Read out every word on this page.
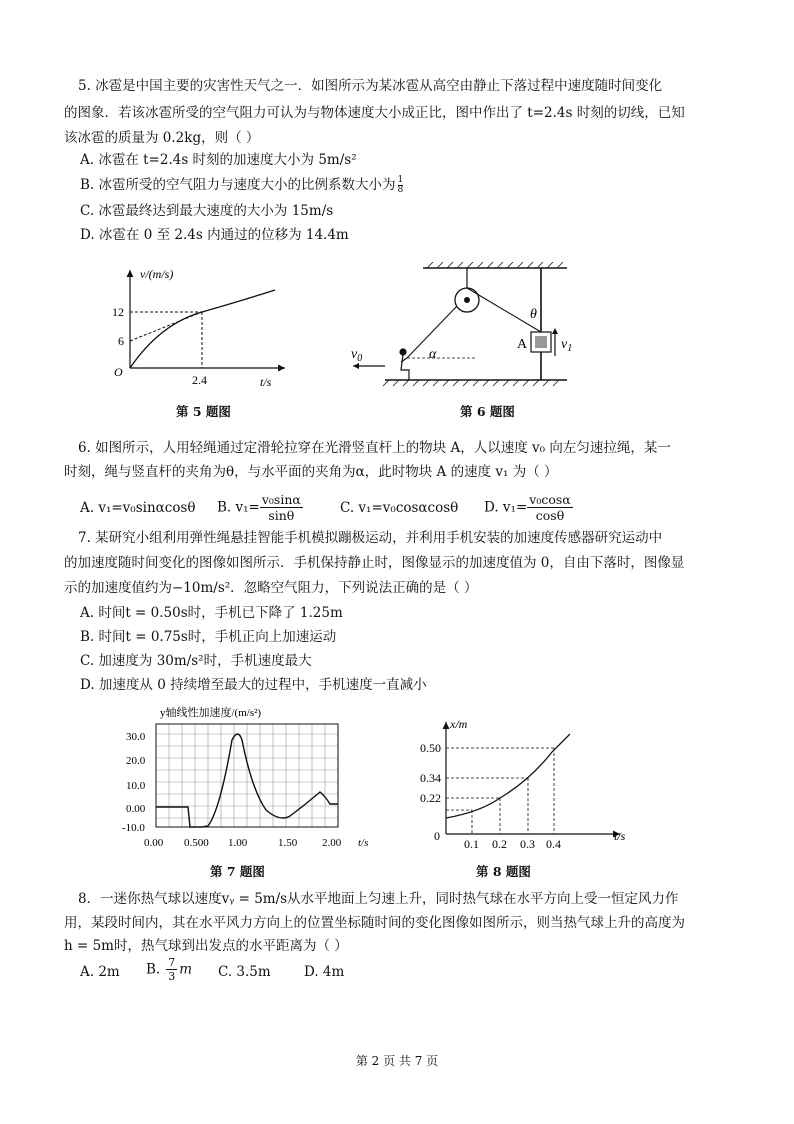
5. 冰雹是中国主要的灾害性天气之一．如图所示为某冰雹从高空由静止下落过程中速度随时间变化
的图象．若该冰雹所受的空气阻力可认为与物体速度大小成正比，图中作出了 t=2.4s 时刻的切线，已知
该冰雹的质量为 0.2kg，则（ ）
A. 冰雹在 t=2.4s 时刻的加速度大小为 5m/s²
B. 冰雹所受的空气阻力与速度大小的比例系数大小为 $\frac{1}{8}$
C. 冰雹最终达到最大速度的大小为 15m/s
D. 冰雹在 0 至 2.4s 内通过的位移为 14.4m
v/(m/s)
t/s
O
12
6
2.4
第 5 题图
$v_0$	α
θ
A $v_1$
第 6 题图
6. 如图所示，人用轻绳通过定滑轮拉穿在光滑竖直杆上的物块 A，人以速度 v₀ 向左匀速拉绳，某一
时刻，绳与竖直杆的夹角为θ，与水平面的夹角为α，此时物块 A 的速度 v₁ 为（ ）
A. v₁=v₀sinαcosθ B. $v_1= \frac{\text{v₀sinα}}{\sin\theta}$	C. v₁=v₀cosαcosθ D. $v_1= \frac{\text{v₀cosα}}{\cos\theta}$
7. 某研究小组利用弹性绳悬挂智能手机模拟蹦极运动，并利用手机安装的加速度传感器研究运动中
的加速度随时间变化的图像如图所示．手机保持静止时，图像显示的加速度值为 0，自由下落时，图像显
示的加速度值约为−10m/s²．忽略空气阻力，下列说法正确的是（ ）
A. 时间t = 0.50s时，手机已下降了 1.25m
B. 时间t = 0.75s时，手机正向上加速运动
C. 加速度为 30m/s²时，手机速度最大
D. 加速度从 0 持续增至最大的过程中，手机速度一直减小
y轴线性加速度/(m/s²)
30.0
20.0
10.0
0.00
-10.0
0.00 0.500 1.00	1.50 2.00 t/s
第 7 题图
x/m
0.50
0.34
0.22
0
0.1 0.2 0.3 0.4
t/s
第 8 题图
8．一迷你热气球以速度vᵧ = 5m/s从水平地面上匀速上升，同时热气球在水平方向上受一恒定风力作
用，某段时间内，其在水平风力方向上的位置坐标随时间的变化图像如图所示，则当热气球上升的高度为
h = 5m时，热气球到出发点的水平距离为（ ）
A. 2m B. $\frac{7}{3}$ m C. 3.5m D. 4m
第 2 页 共 7 页
